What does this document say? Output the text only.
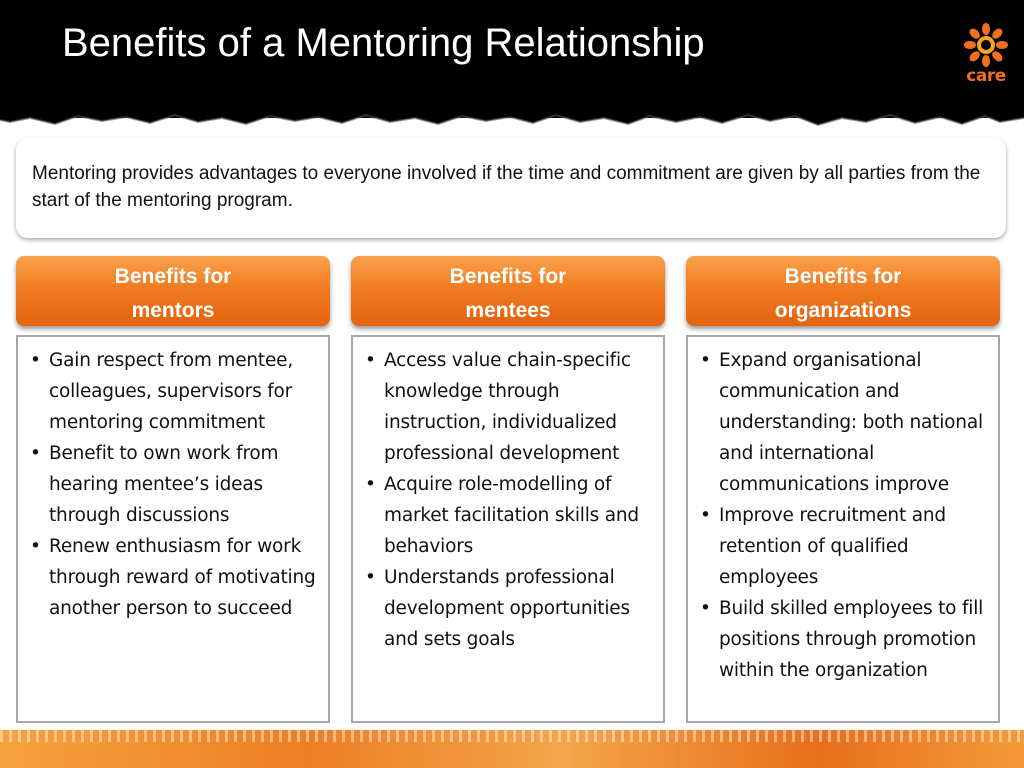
Benefits of a Mentoring Relationship
care
Mentoring provides advantages to everyone involved if the time and commitment are given by all parties from the start of the mentoring program.
Benefits for
mentors
• Gain respect from mentee, colleagues, supervisors for mentoring commitment
• Benefit to own work from hearing mentee’s ideas through discussions
• Renew enthusiasm for work through reward of motivating another person to succeed
Benefits for
mentees
• Access value chain-specific knowledge through instruction, individualized professional development
• Acquire role-modelling of market facilitation skills and behaviors
• Understands professional development opportunities and sets goals
Benefits for
organizations
• Expand organisational communication and understanding: both national and international communications improve
• Improve recruitment and retention of qualified employees
• Build skilled employees to fill positions through promotion within the organization
